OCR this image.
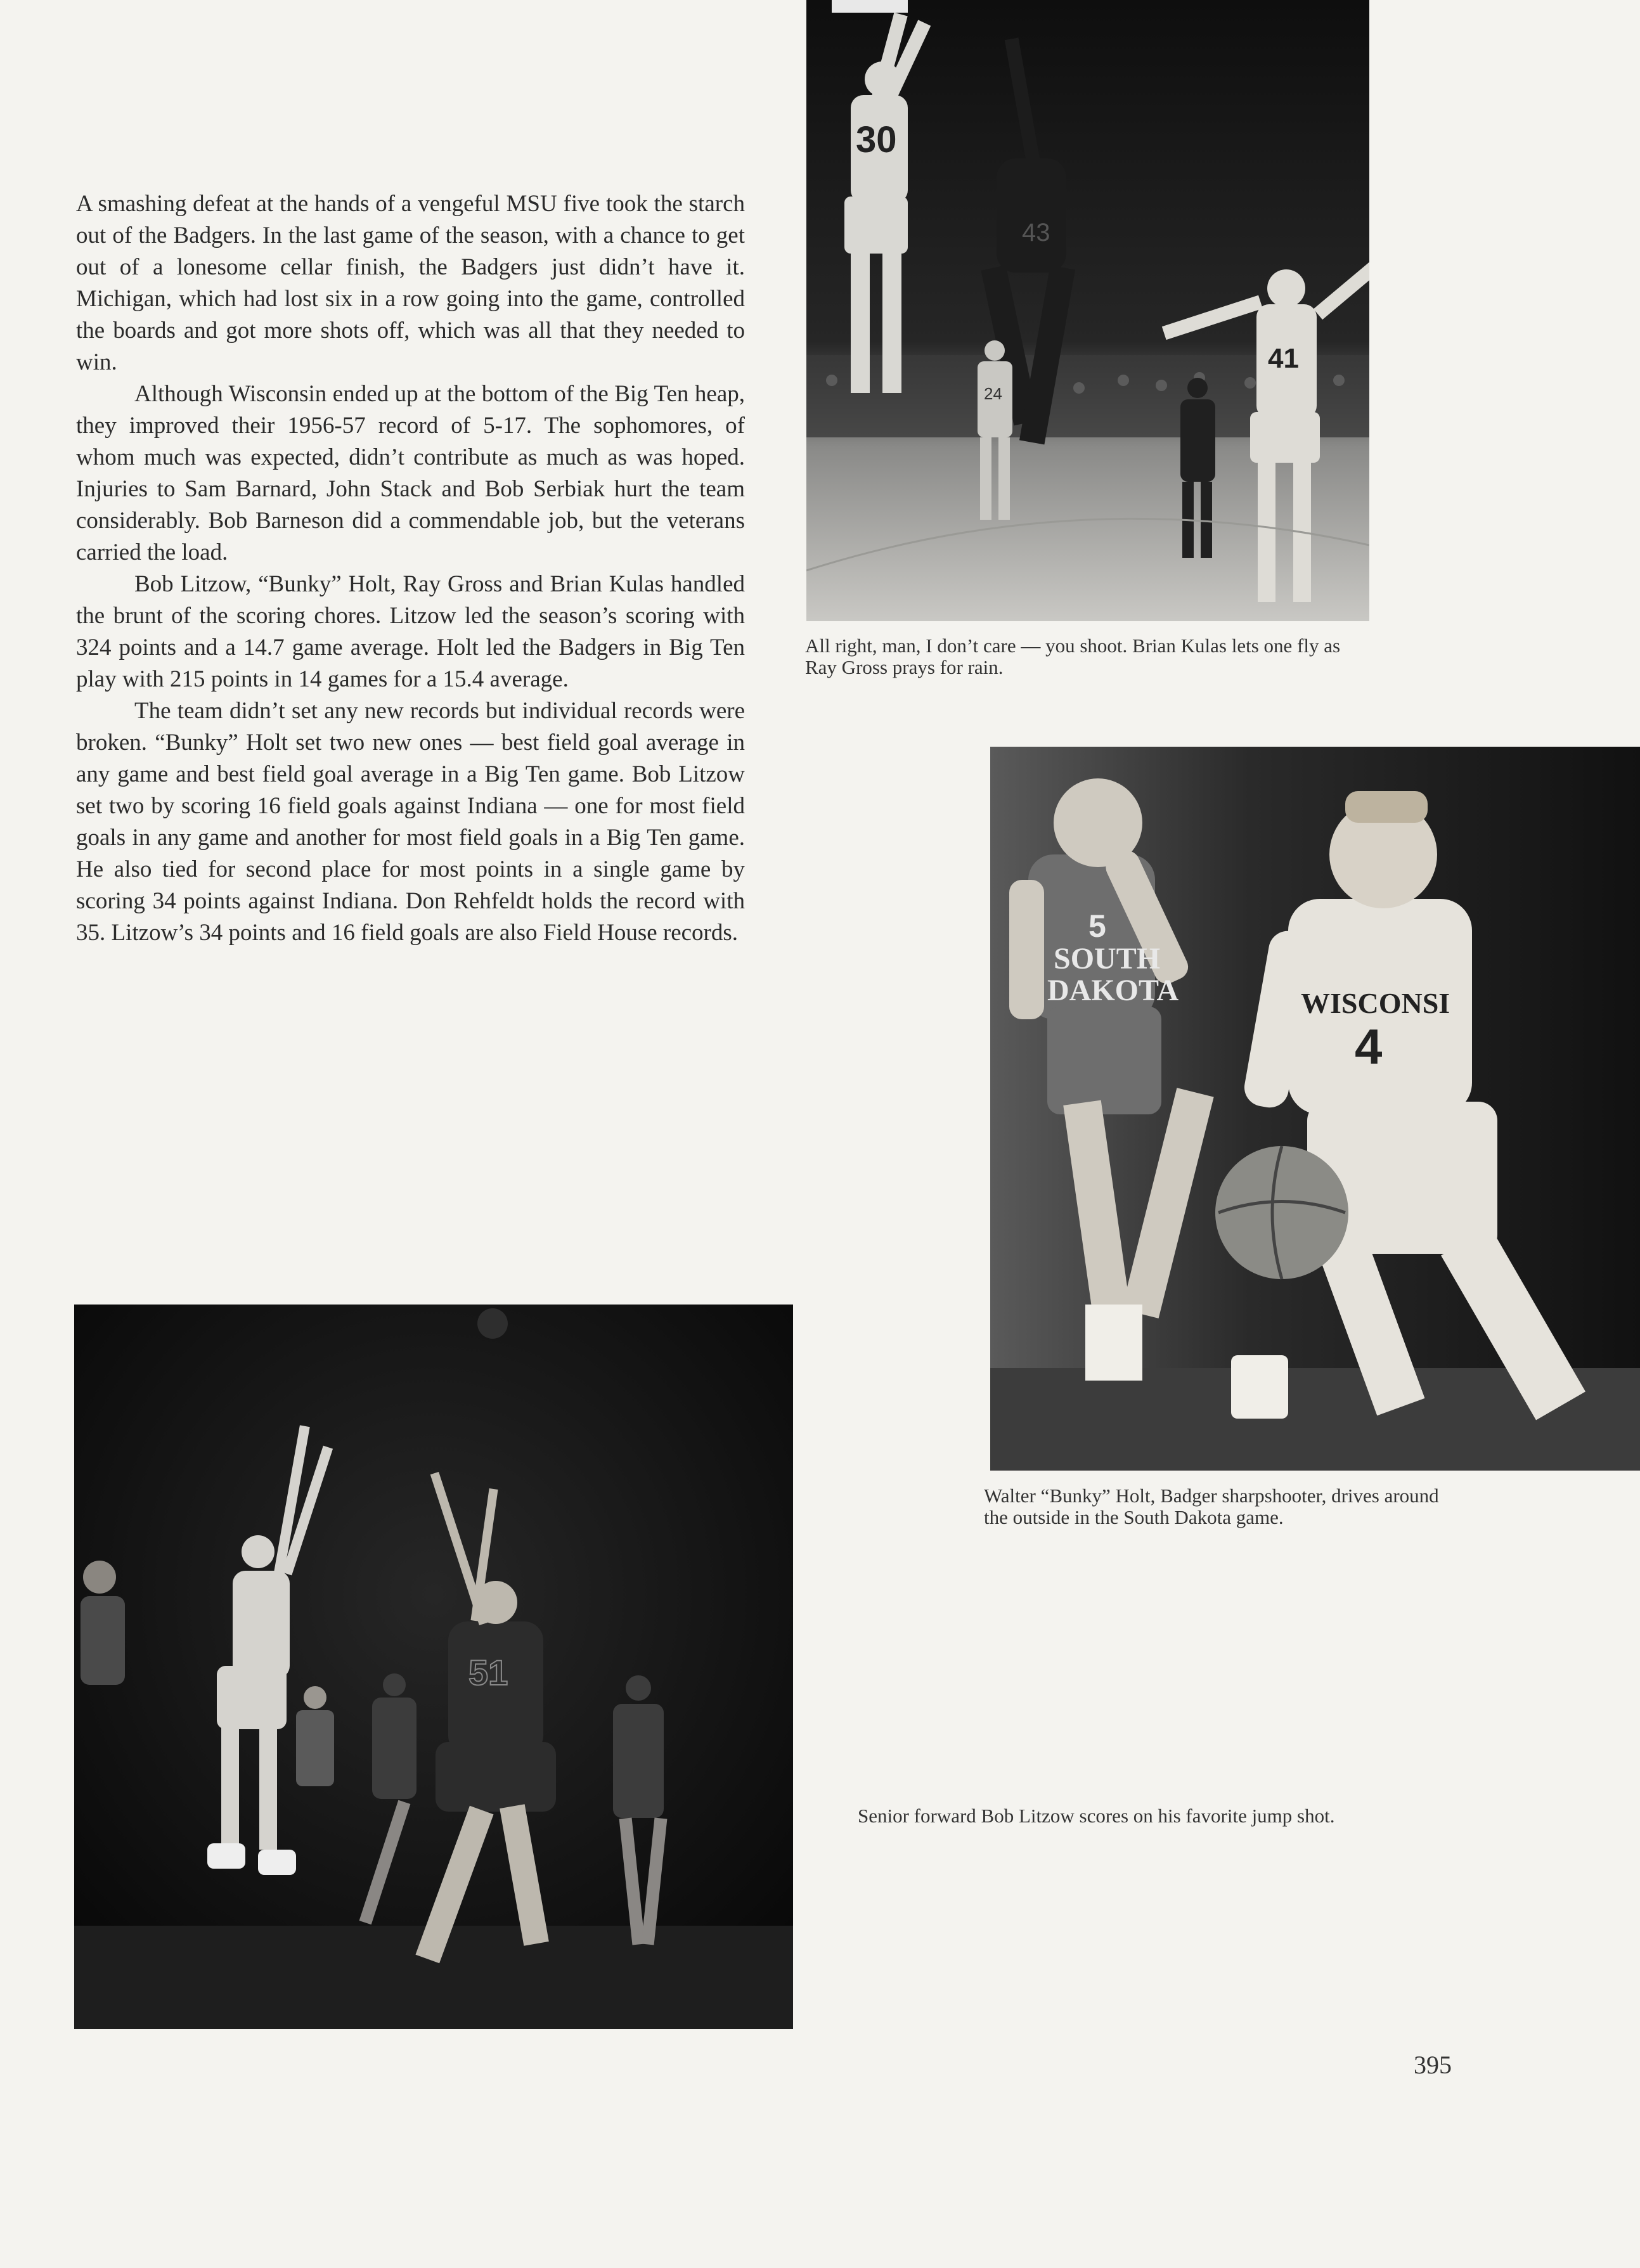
A smashing defeat at the hands of a vengeful MSU five took the starch out of the Badgers. In the last game of the season, with a chance to get out of a lonesome cellar finish, the Badgers just didn’t have it. Michigan, which had lost six in a row going into the game, controlled the boards and got more shots off, which was all that they needed to win.

Although Wisconsin ended up at the bottom of the Big Ten heap, they improved their 1956-57 record of 5-17. The sophomores, of whom much was expected, didn’t contribute as much as was hoped. Injuries to Sam Barnard, John Stack and Bob Serbiak hurt the team considerably. Bob Barneson did a commendable job, but the veterans carried the load.

Bob Litzow, “Bunky” Holt, Ray Gross and Brian Kulas handled the brunt of the scoring chores. Litzow led the season’s scoring with 324 points and a 14.7 game average. Holt led the Badgers in Big Ten play with 215 points in 14 games for a 15.4 average.

The team didn’t set any new records but individual records were broken. “Bunky” Holt set two new ones — best field goal average in any game and best field goal average in a Big Ten game. Bob Litzow set two by scoring 16 field goals against Indiana — one for most field goals in any game and another for most field goals in a Big Ten game. He also tied for second place for most points in a single game by scoring 34 points against Indiana. Don Rehfeldt holds the record with 35. Litzow’s 34 points and 16 field goals are also Field House records.

30
43
24
41
All right, man, I don’t care — you shoot. Brian Kulas lets one fly as Ray Gross prays for rain.
5
SOUTH
DAKOTA	WISCONSI
4
Walter “Bunky” Holt, Badger sharpshooter, drives around the outside in the South Dakota game.
51
Senior forward Bob Litzow scores on his favorite jump shot.
395
